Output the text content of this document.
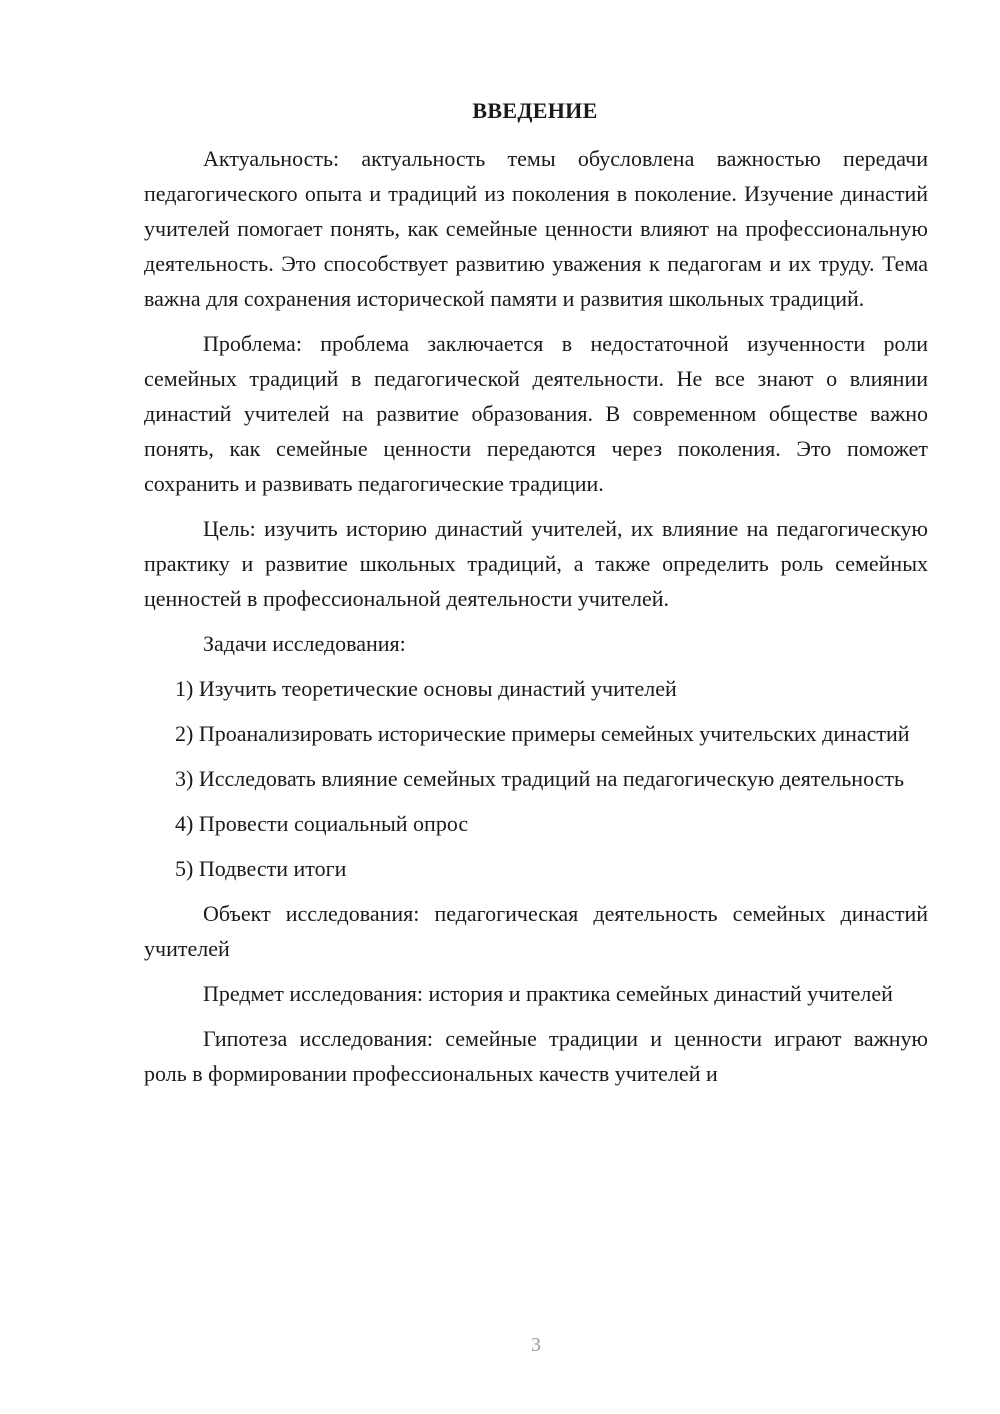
ВВЕДЕНИЕ

Актуальность: актуальность темы обусловлена важностью передачи педагогического опыта и традиций из поколения в поколение. Изучение династий учителей помогает понять, как семейные ценности влияют на профессиональную деятельность. Это способствует развитию уважения к педагогам и их труду. Тема важна для сохранения исторической памяти и развития школьных традиций.

Проблема: проблема заключается в недостаточной изученности роли семейных традиций в педагогической деятельности. Не все знают о влиянии династий учителей на развитие образования. В современном обществе важно понять, как семейные ценности передаются через поколения. Это поможет сохранить и развивать педагогические традиции.

Цель: изучить историю династий учителей, их влияние на педагогическую практику и развитие школьных традиций, а также определить роль семейных ценностей в профессиональной деятельности учителей.

Задачи исследования:

1) Изучить теоретические основы династий учителей

2) Проанализировать исторические примеры семейных учительских династий

3) Исследовать влияние семейных традиций на педагогическую деятельность

4) Провести социальный опрос

5) Подвести итоги

Объект исследования: педагогическая деятельность семейных династий учителей

Предмет исследования: история и практика семейных династий учителей

Гипотеза исследования: семейные традиции и ценности играют важную роль в формировании профессиональных качеств учителей и

3
